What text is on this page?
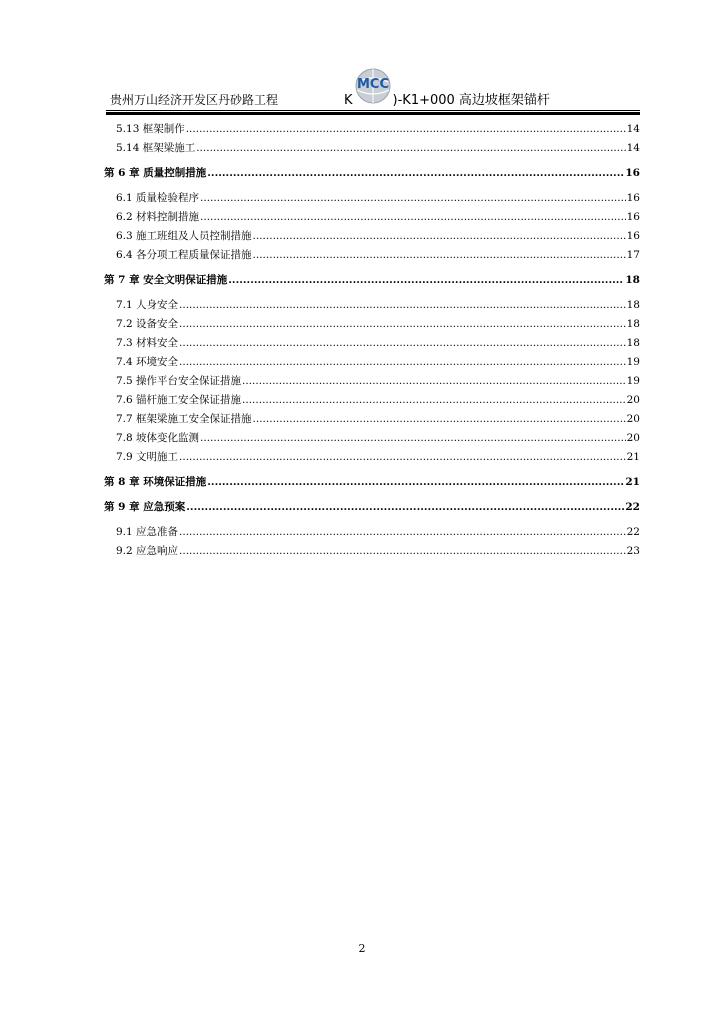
贵州万山经济开发区丹砂路工程
MCC
K	)-K1+000 高边坡框架锚杆
5.13 框架制作 .....	14
5.14 框架梁施工 .....	14
第 6 章 质量控制措施 .....	16
6.1 质量检验程序 .....	16
6.2 材料控制措施 .....	16
6.3 施工班组及人员控制措施 .....	16
6.4 各分项工程质量保证措施 .....	17
第 7 章 安全文明保证措施 .....	18
7.1 人身安全 .....	18
7.2 设备安全 .....	18
7.3 材料安全 .....	18
7.4 环境安全 .....	19
7.5 操作平台安全保证措施 .....	19
7.6 锚杆施工安全保证措施 .....	20
7.7 框架梁施工安全保证措施 .....	20
7.8 坡体变化监测 .....	20
7.9 文明施工 .....	21
第 8 章 环境保证措施 .....	21
第 9 章 应急预案 .....	22
9.1 应急准备 .....	22
9.2 应急响应 .....	23
2
